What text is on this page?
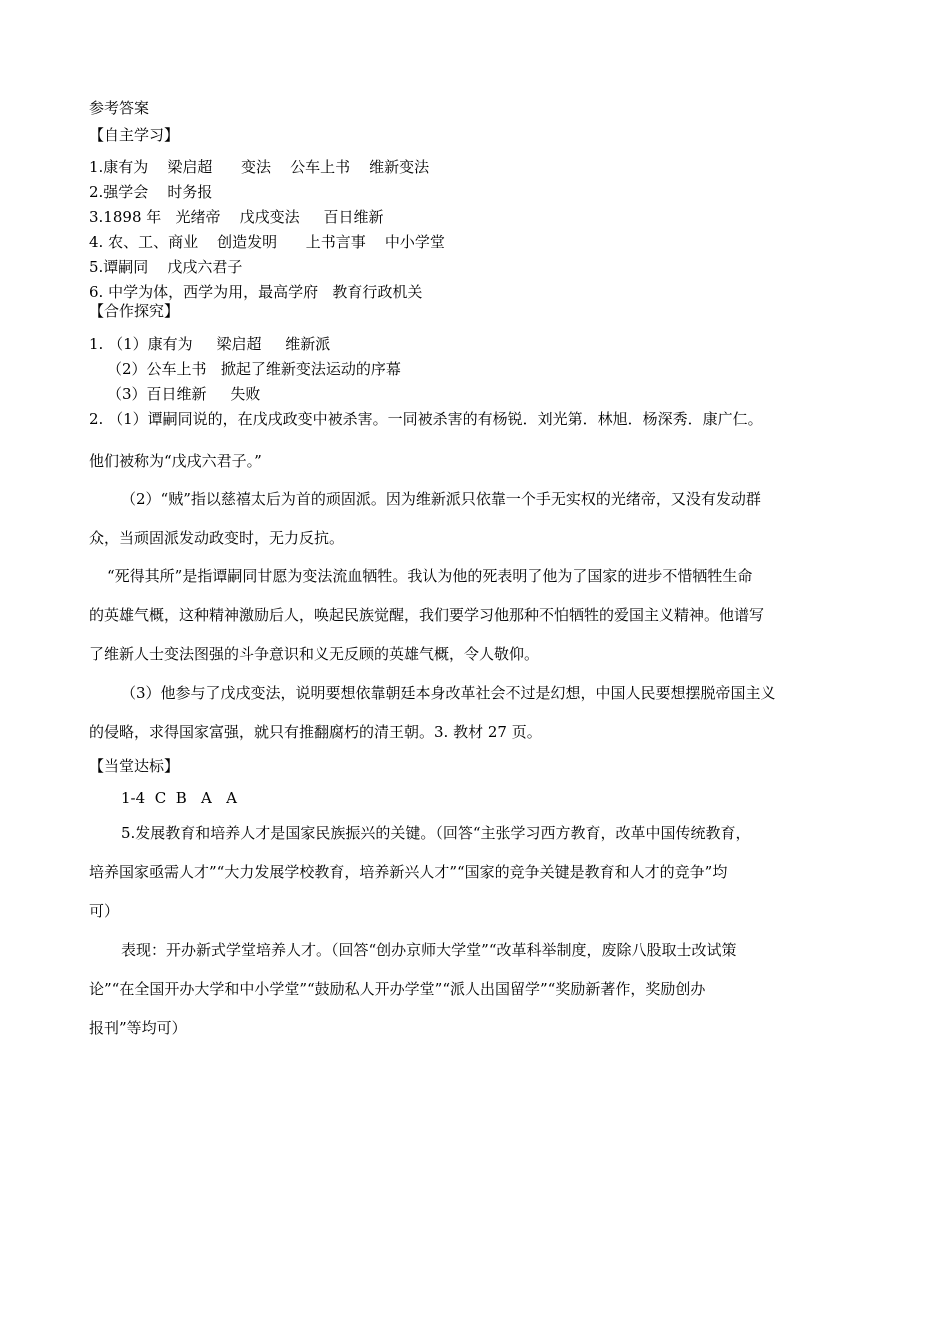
参考答案
【自主学习】
1.康有为    梁启超      变法    公车上书    维新变法
2.强学会    时务报
3.1898 年   光绪帝    戊戌变法     百日维新
4. 农、工、商业    创造发明      上书言事    中小学堂
5.谭嗣同    戊戌六君子
6. 中学为体，西学为用，最高学府   教育行政机关
【合作探究】
1. （1）康有为     梁启超     维新派
（2）公车上书   掀起了维新变法运动的序幕
（3）百日维新     失败
2. （1）谭嗣同说的，在戊戌政变中被杀害。一同被杀害的有杨锐．刘光第．林旭．杨深秀．康广仁。
他们被称为“戊戌六君子。”
（2）“贼”指以慈禧太后为首的顽固派。因为维新派只依靠一个手无实权的光绪帝，又没有发动群
众，当顽固派发动政变时，无力反抗。
“死得其所”是指谭嗣同甘愿为变法流血牺牲。我认为他的死表明了他为了国家的进步不惜牺牲生命
的英雄气概，这种精神激励后人，唤起民族觉醒，我们要学习他那种不怕牺牲的爱国主义精神。他谱写
了维新人士变法图强的斗争意识和义无反顾的英雄气概，令人敬仰。
（3）他参与了戊戌变法，说明要想依靠朝廷本身改革社会不过是幻想，中国人民要想摆脱帝国主义
的侵略，求得国家富强，就只有推翻腐朽的清王朝。3. 教材 27 页。
【当堂达标】
1-4  C  B   A   A
5.发展教育和培养人才是国家民族振兴的关键。（回答“主张学习西方教育，改革中国传统教育，
培养国家亟需人才”“大力发展学校教育，培养新兴人才”“国家的竞争关键是教育和人才的竞争”均
可）
表现：开办新式学堂培养人才。（回答“创办京师大学堂”“改革科举制度，废除八股取士改试策
论”“在全国开办大学和中小学堂”“鼓励私人开办学堂”“派人出国留学”“奖励新著作，奖励创办
报刊”等均可）
